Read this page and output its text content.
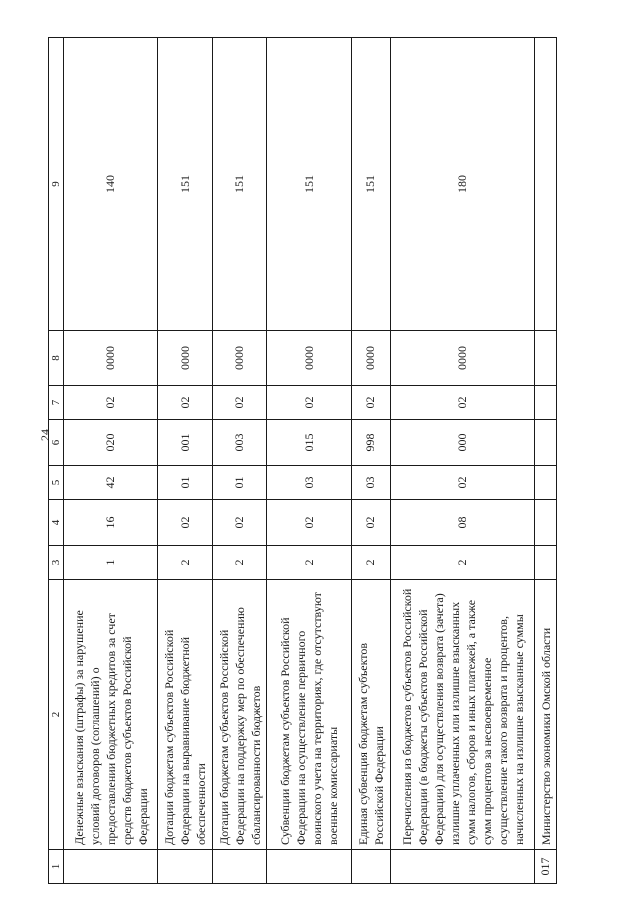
24
1	2	3	4	5	6	7	8	9
	Денежные взыскания (штрафы) за нарушение условий договоров (соглашений) о предоставлении бюджетных кредитов за счет средств бюджетов субъектов Российской Федерации	1	16	42	020	02	0000	140
	Дотации бюджетам субъектов Российской Федерации на выравнивание бюджетной обеспеченности	2	02	01	001	02	0000	151
	Дотации бюджетам субъектов Российской Федерации на поддержку мер по обеспечению сбалансированности бюджетов	2	02	01	003	02	0000	151
	Субвенции бюджетам субъектов Российской Федерации на осуществление первичного воинского учета на территориях, где отсутствуют военные комиссариаты	2	02	03	015	02	0000	151
	Единая субвенция бюджетам субъектов Российской Федерации	2	02	03	998	02	0000	151
	Перечисления из бюджетов субъектов Российской Федерации (в бюджеты субъектов Российской Федерации) для осуществления возврата (зачета) излишне уплаченных или излишне взысканных сумм налогов, сборов и иных платежей, а также сумм процентов за несвоевременное осуществление такого возврата и процентов, начисленных на излишне взысканные суммы	2	08	02	000	02	0000	180
017	Министерство экономики Омской области							
